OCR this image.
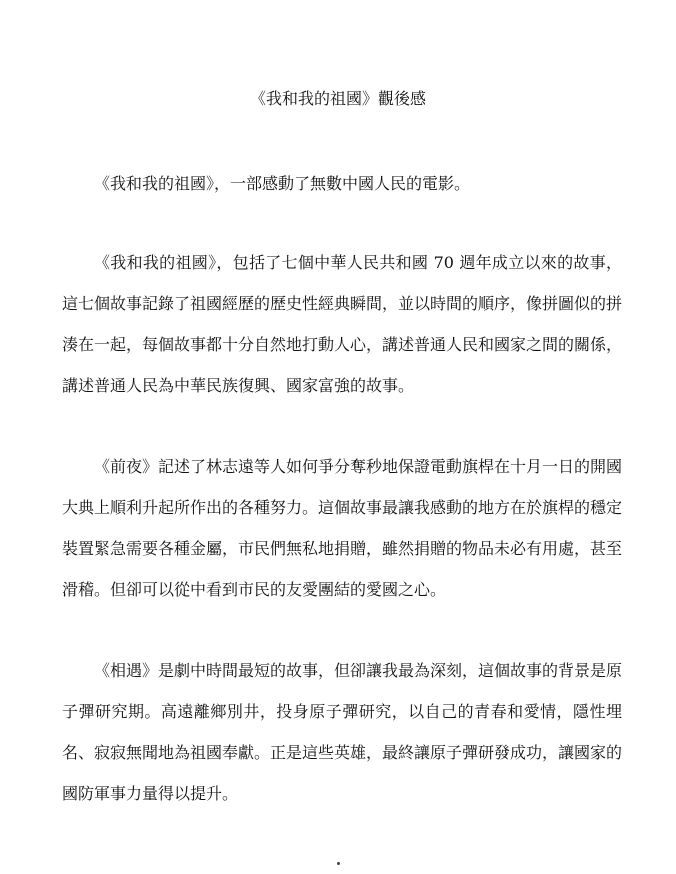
《我和我的祖國》觀後感

《我和我的祖國》，一部感動了無數中國人民的電影。

《我和我的祖國》，包括了七個中華人民共和國 70 週年成立以來的故事，這七個故事記錄了祖國經歷的歷史性經典瞬間，並以時間的順序，像拼圖似的拼湊在一起，每個故事都十分自然地打動人心，講述普通人民和國家之間的關係，講述普通人民為中華民族復興、國家富強的故事。

《前夜》記述了林志遠等人如何爭分奪秒地保證電動旗桿在十月一日的開國大典上順利升起所作出的各種努力。這個故事最讓我感動的地方在於旗桿的穩定裝置緊急需要各種金屬，市民們無私地捐贈，雖然捐贈的物品未必有用處，甚至滑稽。但卻可以從中看到市民的友愛團結的愛國之心。

《相遇》是劇中時間最短的故事，但卻讓我最為深刻，這個故事的背景是原子彈研究期。高遠離鄉別井，投身原子彈研究，以自己的青春和愛情，隱性埋名、寂寂無聞地為祖國奉獻。正是這些英雄，最終讓原子彈研發成功，讓國家的國防軍事力量得以提升。
